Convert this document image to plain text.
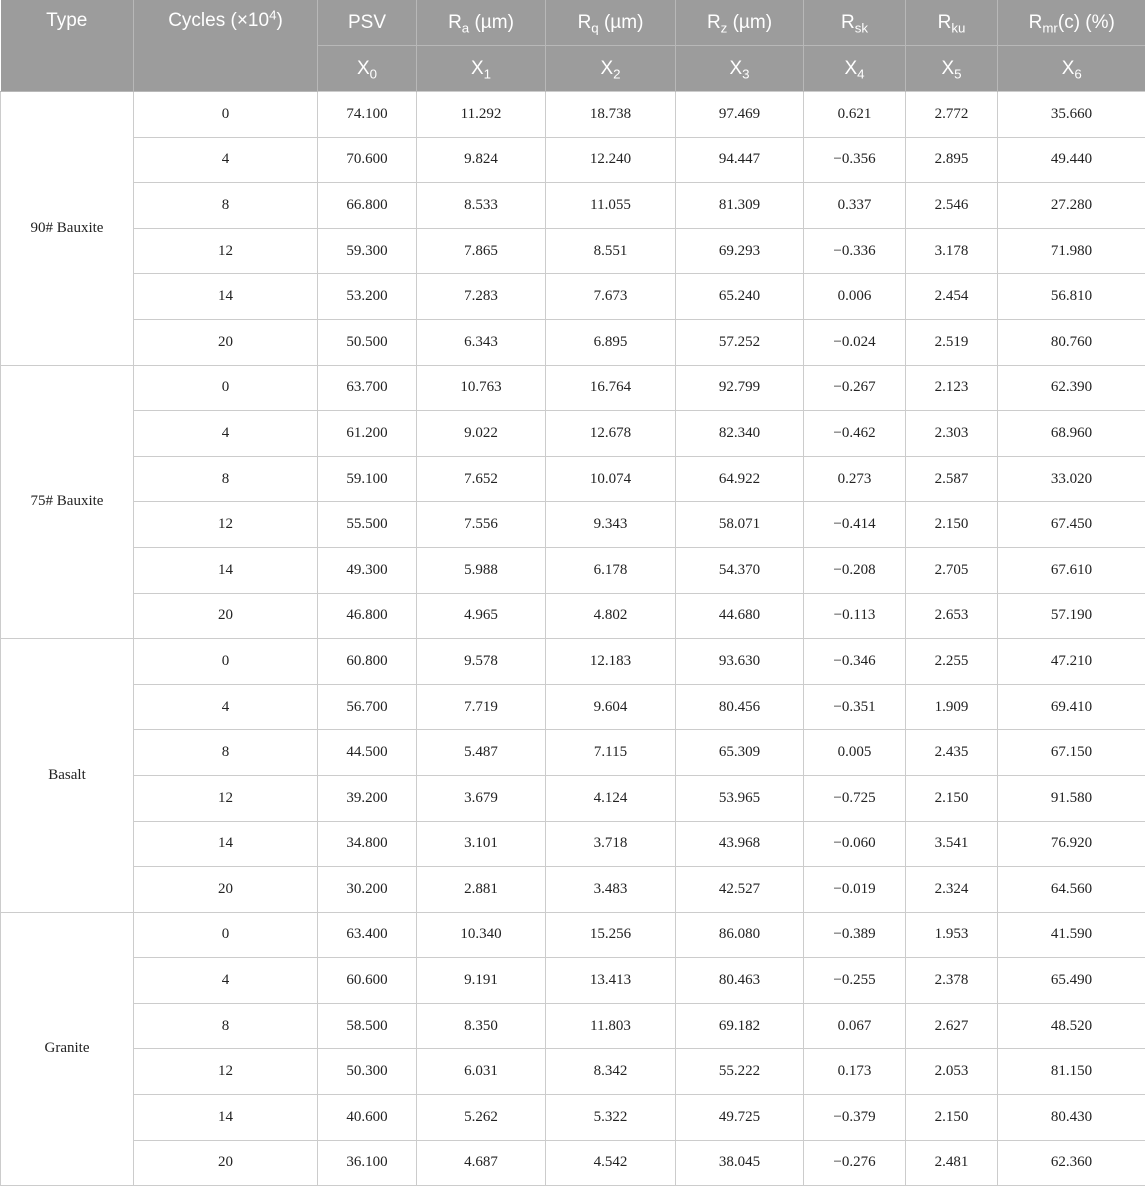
Type	Cycles $(\times 10^4)$	PSV	$R_a$ (µm)	$R_q$ (µm)	$R_z$ (µm)	$R_{sk}$	$R_{ku}$	$R_{mr}(c)$ (%)
		$X_0$	$X_1$	$X_2$	$X_3$	$X_4$	$X_5$	$X_6$
90# Bauxite	0	74.100	11.292	18.738	97.469	0.621	2.772	35.660
	4	70.600	9.824	12.240	94.447	−0.356	2.895	49.440
	8	66.800	8.533	11.055	81.309	0.337	2.546	27.280
	12	59.300	7.865	8.551	69.293	−0.336	3.178	71.980
	14	53.200	7.283	7.673	65.240	0.006	2.454	56.810
	20	50.500	6.343	6.895	57.252	−0.024	2.519	80.760
75# Bauxite	0	63.700	10.763	16.764	92.799	−0.267	2.123	62.390
	4	61.200	9.022	12.678	82.340	−0.462	2.303	68.960
	8	59.100	7.652	10.074	64.922	0.273	2.587	33.020
	12	55.500	7.556	9.343	58.071	−0.414	2.150	67.450
	14	49.300	5.988	6.178	54.370	−0.208	2.705	67.610
	20	46.800	4.965	4.802	44.680	−0.113	2.653	57.190
Basalt	0	60.800	9.578	12.183	93.630	−0.346	2.255	47.210
	4	56.700	7.719	9.604	80.456	−0.351	1.909	69.410
	8	44.500	5.487	7.115	65.309	0.005	2.435	67.150
	12	39.200	3.679	4.124	53.965	−0.725	2.150	91.580
	14	34.800	3.101	3.718	43.968	−0.060	3.541	76.920
	20	30.200	2.881	3.483	42.527	−0.019	2.324	64.560
Granite	0	63.400	10.340	15.256	86.080	−0.389	1.953	41.590
	4	60.600	9.191	13.413	80.463	−0.255	2.378	65.490
	8	58.500	8.350	11.803	69.182	0.067	2.627	48.520
	12	50.300	6.031	8.342	55.222	0.173	2.053	81.150
	14	40.600	5.262	5.322	49.725	−0.379	2.150	80.430
	20	36.100	4.687	4.542	38.045	−0.276	2.481	62.360
